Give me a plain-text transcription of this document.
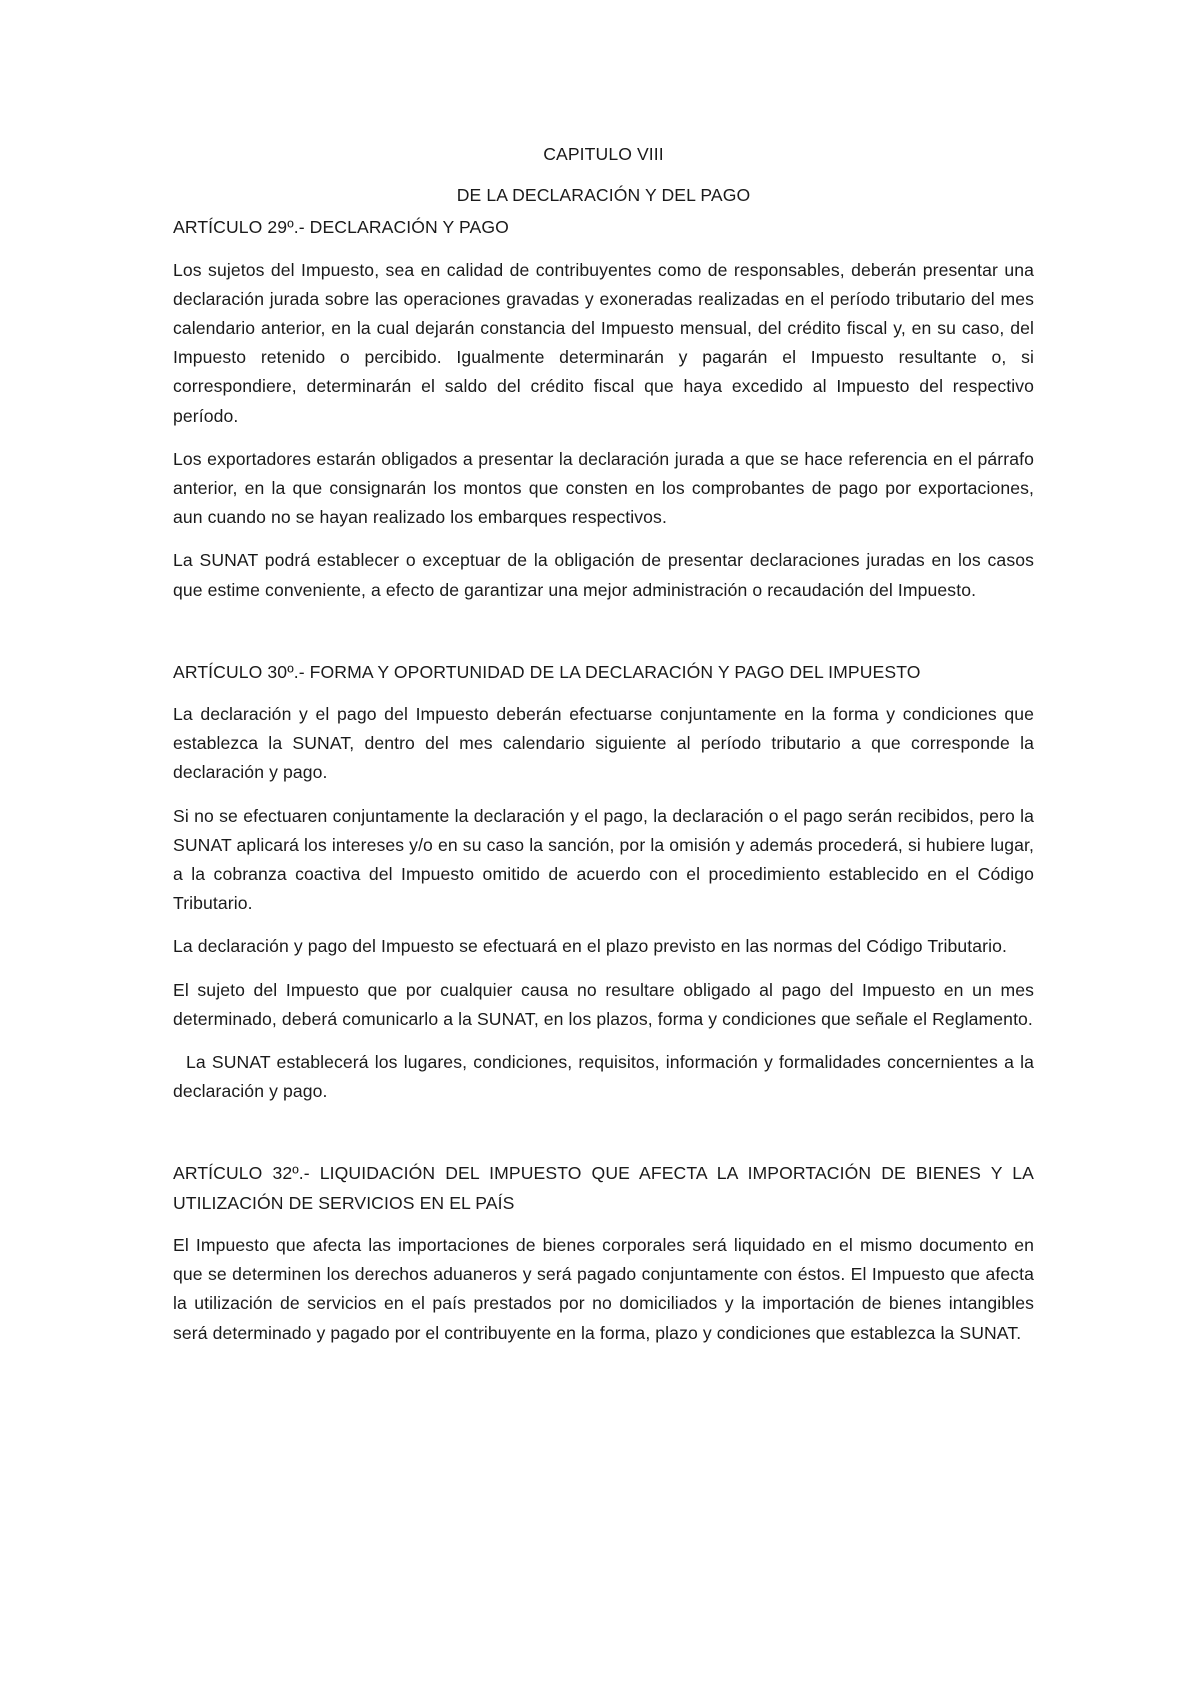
CAPITULO VIII

DE LA DECLARACIÓN Y DEL PAGO

ARTÍCULO 29º.- DECLARACIÓN Y PAGO

Los sujetos del Impuesto, sea en calidad de contribuyentes como de responsables, deberán presentar una declaración jurada sobre las operaciones gravadas y exoneradas realizadas en el período tributario del mes calendario anterior, en la cual dejarán constancia del Impuesto mensual, del crédito fiscal y, en su caso, del Impuesto retenido o percibido. Igualmente determinarán y pagarán el Impuesto resultante o, si correspondiere, determinarán el saldo del crédito fiscal que haya excedido al Impuesto del respectivo período.

Los exportadores estarán obligados a presentar la declaración jurada a que se hace referencia en el párrafo anterior, en la que consignarán los montos que consten en los comprobantes de pago por exportaciones, aun cuando no se hayan realizado los embarques respectivos.

La SUNAT podrá establecer o exceptuar de la obligación de presentar declaraciones juradas en los casos que estime conveniente, a efecto de garantizar una mejor administración o recaudación del Impuesto.

ARTÍCULO 30º.- FORMA Y OPORTUNIDAD DE LA DECLARACIÓN Y PAGO DEL IMPUESTO

La declaración y el pago del Impuesto deberán efectuarse conjuntamente en la forma y condiciones que establezca la SUNAT, dentro del mes calendario siguiente al período tributario a que corresponde la declaración y pago.

Si no se efectuaren conjuntamente la declaración y el pago, la declaración o el pago serán recibidos, pero la SUNAT aplicará los intereses y/o en su caso la sanción, por la omisión y además procederá, si hubiere lugar, a la cobranza coactiva del Impuesto omitido de acuerdo con el procedimiento establecido en el Código Tributario.

La declaración y pago del Impuesto se efectuará en el plazo previsto en las normas del Código Tributario.

El sujeto del Impuesto que por cualquier causa no resultare obligado al pago del Impuesto en un mes determinado, deberá comunicarlo a la SUNAT, en los plazos, forma y condiciones que señale el Reglamento.

La SUNAT establecerá los lugares, condiciones, requisitos, información y formalidades concernientes a la declaración y pago.

ARTÍCULO 32º.- LIQUIDACIÓN DEL IMPUESTO QUE AFECTA LA IMPORTACIÓN DE BIENES Y LA UTILIZACIÓN DE SERVICIOS EN EL PAÍS

El Impuesto que afecta las importaciones de bienes corporales será liquidado en el mismo documento en que se determinen los derechos aduaneros y será pagado conjuntamente con éstos. El Impuesto que afecta la utilización de servicios en el país prestados por no domiciliados y la importación de bienes intangibles será determinado y pagado por el contribuyente en la forma, plazo y condiciones que establezca la SUNAT.
